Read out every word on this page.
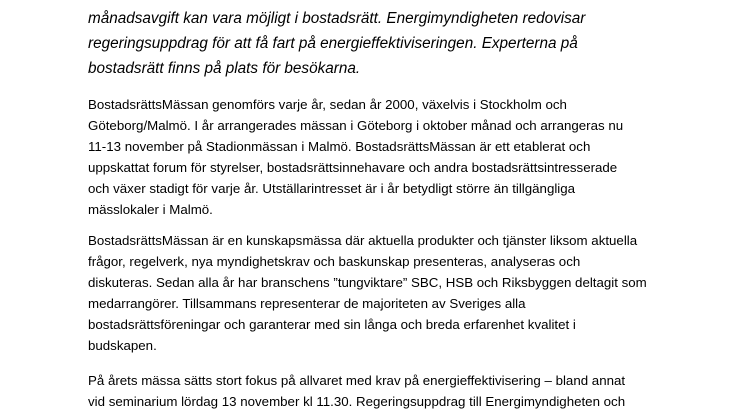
månadsavgift kan vara möjligt i bostadsrätt. Energimyndigheten redovisar
regeringsuppdrag för att få fart på energieffektiviseringen. Experterna på
bostadsrätt finns på plats för besökarna.

BostadsrättsMässan genomförs varje år, sedan år 2000, växelvis i Stockholm och
Göteborg/Malmö. I år arrangerades mässan i Göteborg i oktober månad och arrangeras nu
11-13 november på Stadionmässan i Malmö. BostadsrättsMässan är ett etablerat och
uppskattat forum för styrelser, bostadsrättsinnehavare och andra bostadsrättsintresserade
och växer stadigt för varje år. Utställarintresset är i år betydligt större än tillgängliga
mässlokaler i Malmö.

BostadsrättsMässan är en kunskapsmässa där aktuella produkter och tjänster liksom aktuella
frågor, regelverk, nya myndighetskrav och baskunskap presenteras, analyseras och
diskuteras. Sedan alla år har branschens ”tungviktare” SBC, HSB och Riksbyggen deltagit som
medarrangörer. Tillsammans representerar de majoriteten av Sveriges alla
bostadsrättsföreningar och garanterar med sin långa och breda erfarenhet kvalitet i
budskapen.

På årets mässa sätts stort fokus på allvaret med krav på energieffektivisering – bland annat
vid seminarium lördag 13 november kl 11.30. Regeringsuppdrag till Energimyndigheten och
